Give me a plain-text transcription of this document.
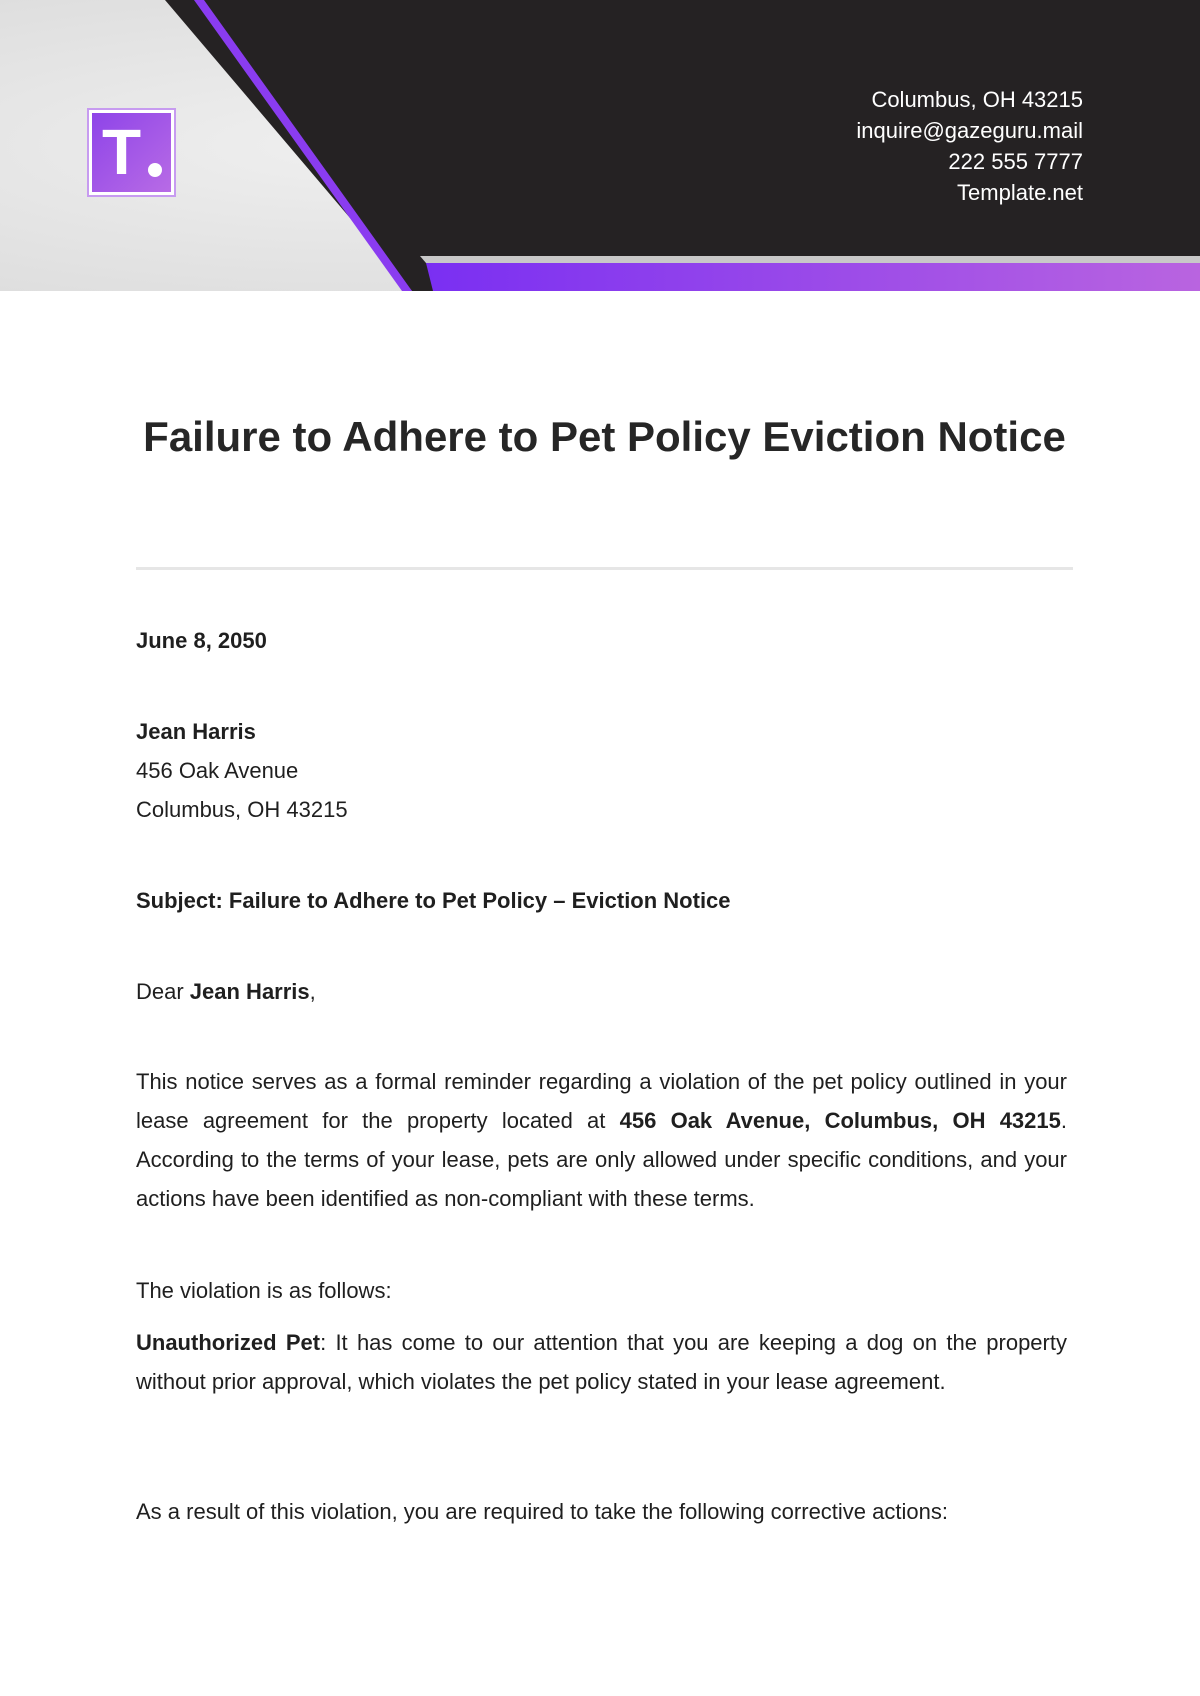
T
Columbus, OH 43215
inquire@gazeguru.mail
222 555 7777
Template.net
Failure to Adhere to Pet Policy Eviction Notice

June 8, 2050

Jean Harris
456 Oak Avenue
Columbus, OH 43215

Subject: Failure to Adhere to Pet Policy – Eviction Notice

Dear Jean Harris,

This notice serves as a formal reminder regarding a violation of the pet policy outlined in your lease agreement for the property located at 456 Oak Avenue, Columbus, OH 43215. According to the terms of your lease, pets are only allowed under specific conditions, and your actions have been identified as non-compliant with these terms.

The violation is as follows:

Unauthorized Pet: It has come to our attention that you are keeping a dog on the property without prior approval, which violates the pet policy stated in your lease agreement.

As a result of this violation, you are required to take the following corrective actions:
